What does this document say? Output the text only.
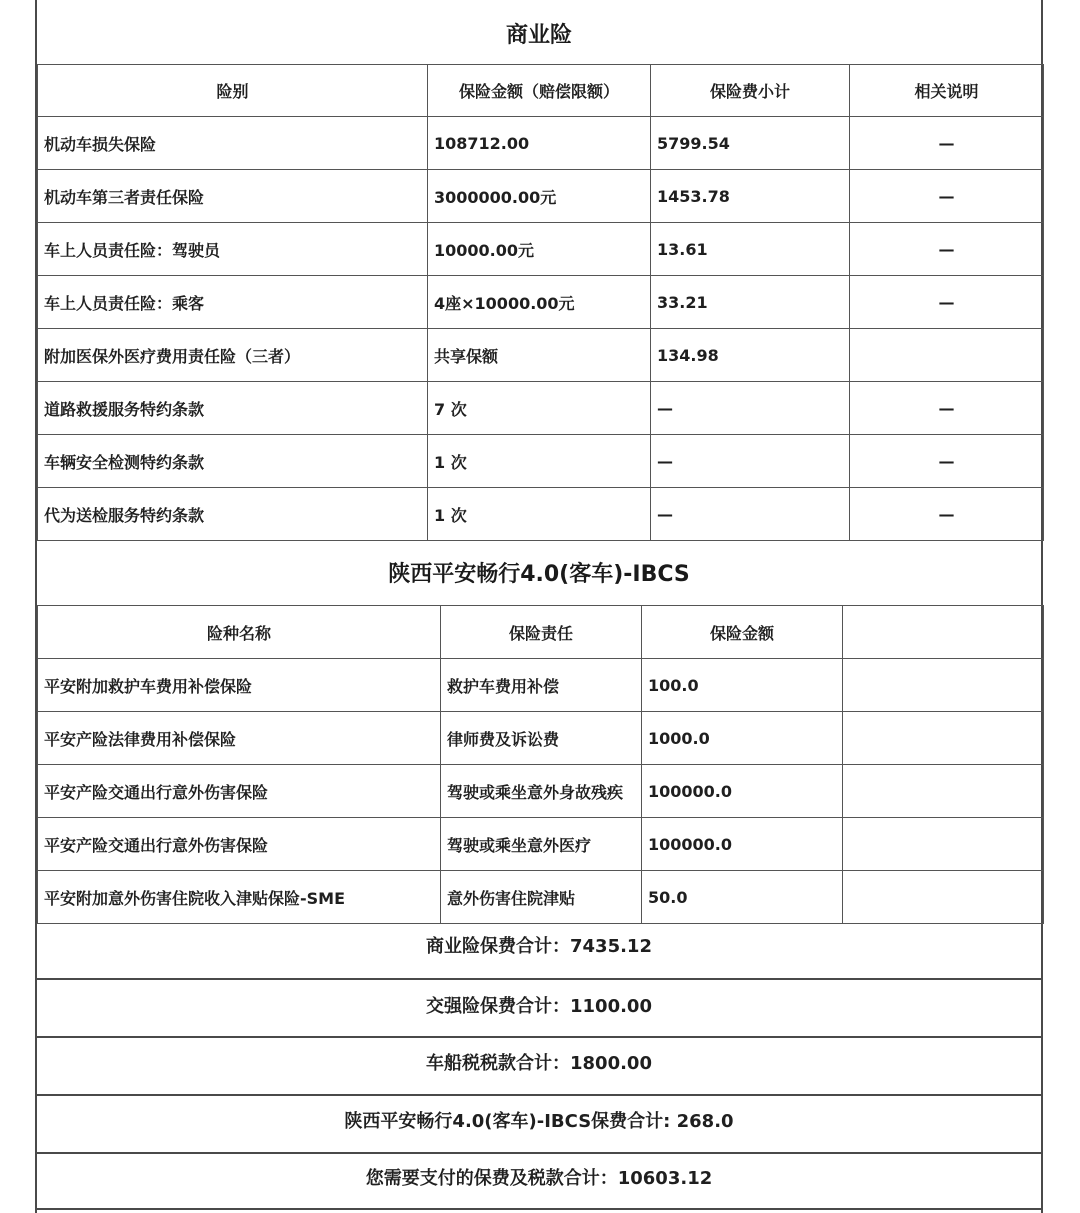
商业险
险别	保险金额（赔偿限额）	保险费小计	相关说明
机动车损失保险	108712.00	5799.54	—
机动车第三者责任保险	3000000.00元	1453.78	—
车上人员责任险：驾驶员	10000.00元	13.61	—
车上人员责任险：乘客	4座×10000.00元	33.21	—
附加医保外医疗费用责任险（三者）	共享保额	134.98	
道路救援服务特约条款	7 次	—	—
车辆安全检测特约条款	1 次	—	—
代为送检服务特约条款	1 次	—	—
陕西平安畅行4.0(客车)-IBCS
险种名称	保险责任	保险金额	
平安附加救护车费用补偿保险	救护车费用补偿	100.0	
平安产险法律费用补偿保险	律师费及诉讼费	1000.0	
平安产险交通出行意外伤害保险	驾驶或乘坐意外身故残疾	100000.0	
平安产险交通出行意外伤害保险	驾驶或乘坐意外医疗	100000.0	
平安附加意外伤害住院收入津贴保险-SME	意外伤害住院津贴	50.0	
商业险保费合计：7435.12
交强险保费合计：1100.00
车船税税款合计：1800.00
陕西平安畅行4.0(客车)-IBCS保费合计: 268.0
您需要支付的保费及税款合计：10603.12
